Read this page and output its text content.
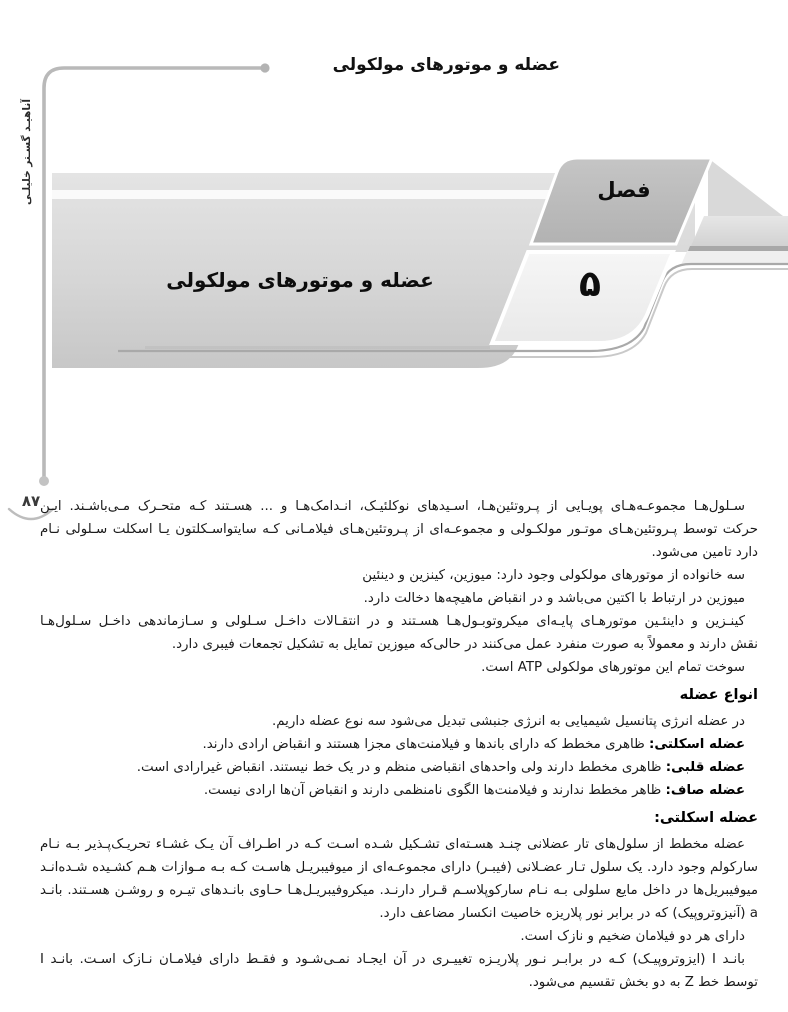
عضله و موتورهای مولکولی
آناهیـد گسـتر خلیلـی
۸۷
فصل
۵
عضله و موتورهای مولکولی
سـلول‌هـا مجموعـه‌هـای پویـایی از پـروتئین‌هـا، اسـیدهای نوکلئیـک، انـدامک‌هـا و ... هسـتند کـه متحـرک مـی‌باشـند. ایـن
حرکت توسط پـروتئین‌هـای موتـور مولکـولی و مجموعـه‌ای از پـروتئین‌هـای فیلامـانی کـه سایتواسـکلتون یـا اسکلت سـلولی نـام
دارد تامین می‌شود.
سه خانواده از موتورهای مولکولی وجود دارد: میوزین، کینزین و دینئین
میوزین در ارتباط با اکتین می‌باشد و در انقباض ماهیچه‌ها دخالت دارد.
کینـزین و داینئـین موتورهـای پایـه‌ای میکروتوبـول‌هـا هسـتند و در انتقـالات داخـل سـلولی و سـازماندهی داخـل سـلول‌هـا
نقش دارند و معمولاً به صورت منفرد عمل می‌کنند در حالی‌که میوزین تمایل به تشکیل تجمعات فیبری دارد.
سوخت تمام این موتورهای مولکولی ATP است.
انواع عضله
در عضله انرژی پتانسیل شیمیایی به انرژی جنبشی تبدیل می‌شود سه نوع عضله داریم.
عضله اسکلتی: ظاهری مخطط که دارای باندها و فیلامنت‌های مجزا هستند و انقباض ارادی دارند.
عضله قلبی: ظاهری مخطط دارند ولی واحدهای انقباضی منظم و در یک خط نیستند. انقباض غیرارادی است.
عضله صاف: ظاهر مخطط ندارند و فیلامنت‌ها الگوی نامنظمی دارند و انقباض آن‌ها ارادی نیست.
عضله اسکلتی:
عضله مخطط از سلول‌های تار عضلانی چنـد هسـته‌ای تشـکیل شـده اسـت کـه در اطـراف آن یـک غشـاء تحریـک‌پـذیر بـه نـام
سارکولم وجود دارد. یک سلول تـار عضـلانی (فیبـر) دارای مجموعـه‌ای از میوفیبریـل هاسـت کـه بـه مـوازات هـم کشـیده شـده‌انـد
میوفیبریل‌ها در داخل مایع سلولی بـه نـام سارکوپلاسـم قـرار دارنـد. میکروفیبریـل‌هـا حـاوی بانـدهای تیـره و روشـن هسـتند. بانـد
a (آنیزوتروپیک) که در برابر نور پلاریزه خاصیت انکسار مضاعف دارد.
دارای هر دو فیلامان ضخیم و نازک است.
بانـد I (ایزوتروپیـک) کـه در برابـر نـور پلاریـزه تغییـری در آن ایجـاد نمـی‌شـود و فقـط دارای فیلامـان نـازک اسـت. بانـد I
توسط خط Z به دو بخش تقسیم می‌شود.
